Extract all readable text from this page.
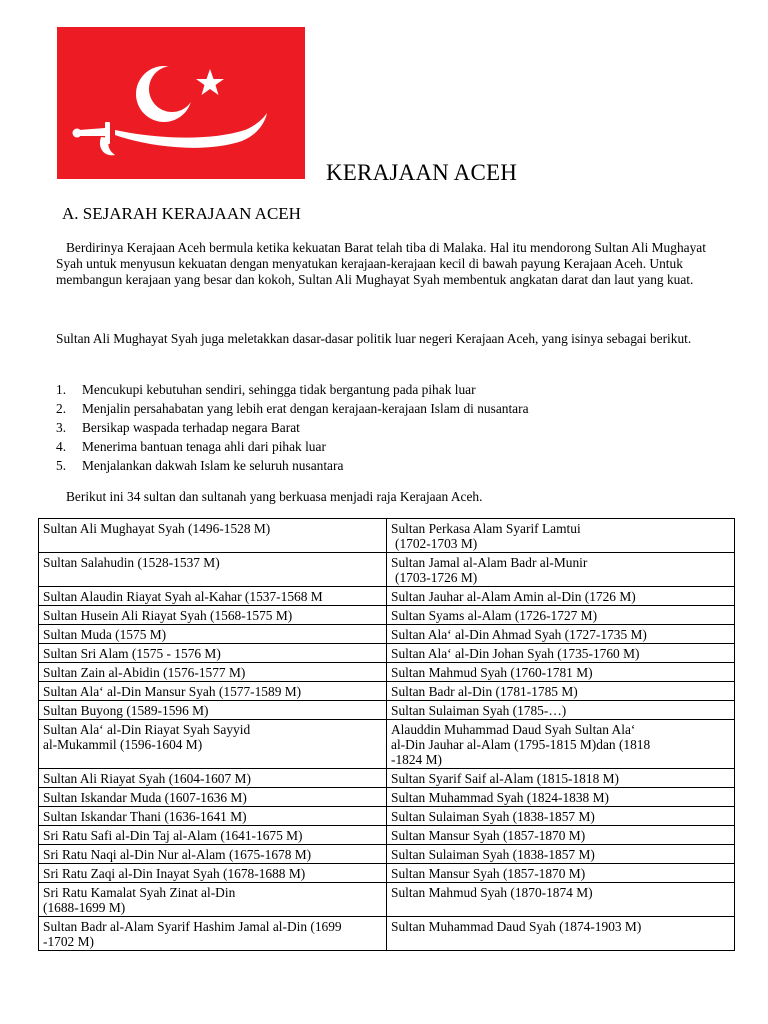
KERAJAAN ACEH
A. SEJARAH KERAJAAN ACEH

Berdirinya Kerajaan Aceh bermula ketika kekuatan Barat telah tiba di Malaka. Hal itu mendorong Sultan Ali Mughayat Syah untuk menyusun kekuatan dengan menyatukan kerajaan-kerajaan kecil di bawah payung Kerajaan Aceh. Untuk membangun kerajaan yang besar dan kokoh, Sultan Ali Mughayat Syah membentuk angkatan darat dan laut yang kuat.

Sultan Ali Mughayat Syah juga meletakkan dasar-dasar politik luar negeri Kerajaan Aceh, yang isinya sebagai berikut.

1. Mencukupi kebutuhan sendiri, sehingga tidak bergantung pada pihak luar
2. Menjalin persahabatan yang lebih erat dengan kerajaan-kerajaan Islam di nusantara
3. Bersikap waspada terhadap negara Barat
4. Menerima bantuan tenaga ahli dari pihak luar
5. Menjalankan dakwah Islam ke seluruh nusantara
Berikut ini 34 sultan dan sultanah yang berkuasa menjadi raja Kerajaan Aceh.
Sultan Ali Mughayat Syah (1496-1528 M)	Sultan Perkasa Alam Syarif Lamtui
(1702-1703 M)
Sultan Salahudin (1528-1537 M)	Sultan Jamal al-Alam Badr al-Munir
(1703-1726 M)
Sultan Alaudin Riayat Syah al-Kahar (1537-1568 M	Sultan Jauhar al-Alam Amin al-Din (1726 M)
Sultan Husein Ali Riayat Syah (1568-1575 M)	Sultan Syams al-Alam (1726-1727 M)
Sultan Muda (1575 M)	Sultan Ala‘ al-Din Ahmad Syah (1727-1735 M)
Sultan Sri Alam (1575 - 1576 M)	Sultan Ala‘ al-Din Johan Syah (1735-1760 M)
Sultan Zain al-Abidin (1576-1577 M)	Sultan Mahmud Syah (1760-1781 M)
Sultan Ala‘ al-Din Mansur Syah (1577-1589 M)	Sultan Badr al-Din (1781-1785 M)
Sultan Buyong (1589-1596 M)	Sultan Sulaiman Syah (1785-…)
Sultan Ala‘ al-Din Riayat Syah Sayyid
al-Mukammil (1596-1604 M)	Alauddin Muhammad Daud Syah Sultan Ala‘
al-Din Jauhar al-Alam (1795-1815 M)dan (1818
-1824 M)
Sultan Ali Riayat Syah (1604-1607 M)	Sultan Syarif Saif al-Alam (1815-1818 M)
Sultan Iskandar Muda (1607-1636 M)	Sultan Muhammad Syah (1824-1838 M)
Sultan Iskandar Thani (1636-1641 M)	Sultan Sulaiman Syah (1838-1857 M)
Sri Ratu Safi al-Din Taj al-Alam (1641-1675 M)	Sultan Mansur Syah (1857-1870 M)
Sri Ratu Naqi al-Din Nur al-Alam (1675-1678 M)	Sultan Sulaiman Syah (1838-1857 M)
Sri Ratu Zaqi al-Din Inayat Syah (1678-1688 M)	Sultan Mansur Syah (1857-1870 M)
Sri Ratu Kamalat Syah Zinat al-Din
(1688-1699 M)	Sultan Mahmud Syah (1870-1874 M)
Sultan Badr al-Alam Syarif Hashim Jamal al-Din (1699
-1702 M)	Sultan Muhammad Daud Syah (1874-1903 M)
